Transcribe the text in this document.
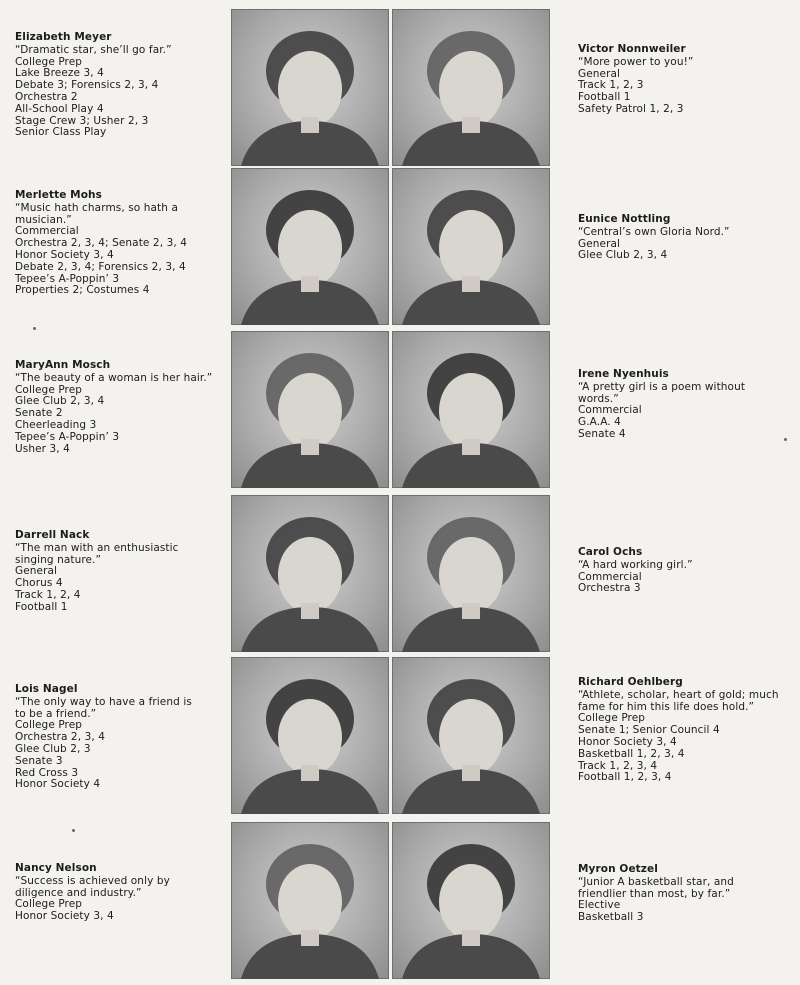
Elizabeth Meyer
“Dramatic star, she’ll go far.”
College Prep
Lake Breeze 3, 4
Debate 3; Forensics 2, 3, 4
Orchestra 2
All-School Play 4
Stage Crew 3; Usher 2, 3
Senior Class Play
Merlette Mohs
“Music hath charms, so hath a
musician.”
Commercial
Orchestra 2, 3, 4; Senate 2, 3, 4
Honor Society 3, 4
Debate 2, 3, 4; Forensics 2, 3, 4
Tepee’s A-Poppin’ 3
Properties 2; Costumes 4
MaryAnn Mosch
“The beauty of a woman is her hair.”
College Prep
Glee Club 2, 3, 4
Senate 2
Cheerleading 3
Tepee’s A-Poppin’ 3
Usher 3, 4
Darrell Nack
“The man with an enthusiastic
singing nature.”
General
Chorus 4
Track 1, 2, 4
Football 1
Lois Nagel
“The only way to have a friend is
to be a friend.”
College Prep
Orchestra 2, 3, 4
Glee Club 2, 3
Senate 3
Red Cross 3
Honor Society 4
Nancy Nelson
“Success is achieved only by
diligence and industry.”
College Prep
Honor Society 3, 4
Victor Nonnweiler
“More power to you!”
General
Track 1, 2, 3
Football 1
Safety Patrol 1, 2, 3
Eunice Nottling
“Central’s own Gloria Nord.”
General
Glee Club 2, 3, 4
Irene Nyenhuis
“A pretty girl is a poem without
words.”
Commercial
G.A.A. 4
Senate 4
Carol Ochs
“A hard working girl.”
Commercial
Orchestra 3
Richard Oehlberg
“Athlete, scholar, heart of gold; much
fame for him this life does hold.”
College Prep
Senate 1; Senior Council 4
Honor Society 3, 4
Basketball 1, 2, 3, 4
Track 1, 2, 3, 4
Football 1, 2, 3, 4
Myron Oetzel
“Junior A basketball star, and
friendlier than most, by far.”
Elective
Basketball 3
